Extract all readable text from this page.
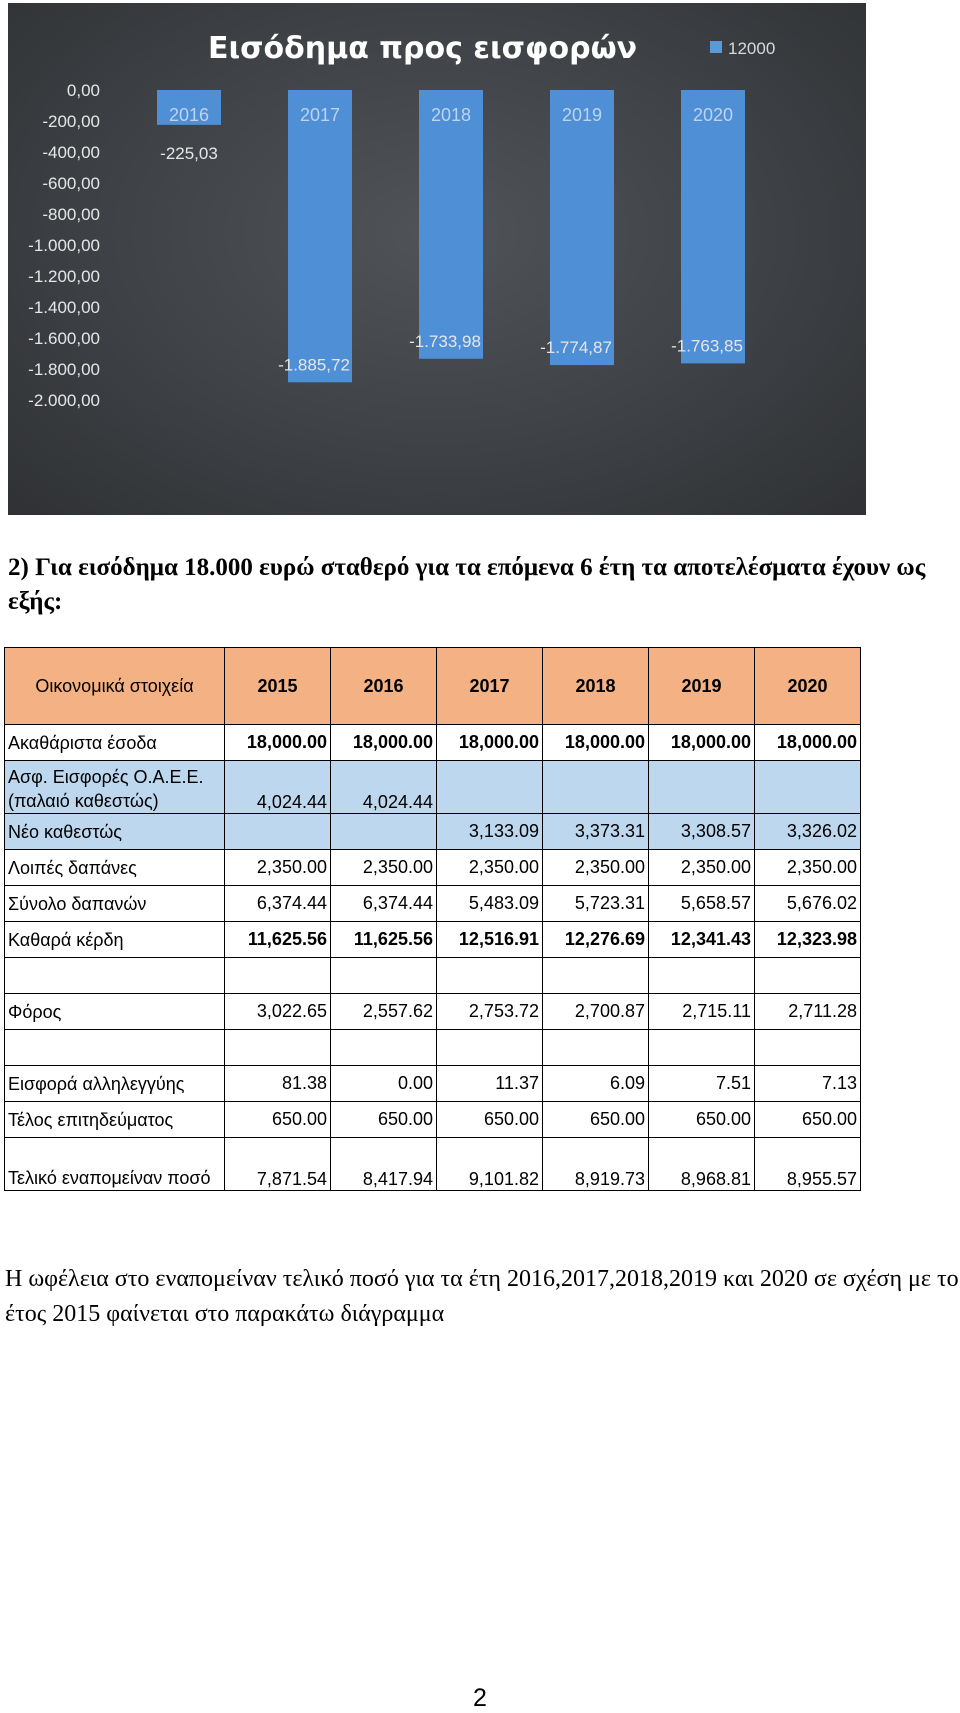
Εισόδημα προς εισφορών	12000
0,00
-200,00
-400,00
-600,00
-800,00
-1.000,00
-1.200,00
-1.400,00
-1.600,00
-1.800,00
-2.000,00
2016
-225,03
2017
-1.885,72
2018
-1.733,98
2019
-1.774,87
2020
-1.763,85
2) Για εισόδημα 18.000 ευρώ σταθερό για τα επόμενα 6 έτη τα αποτελέσματα έχουν ως εξής:
Οικονομικά στοιχεία	2015	2016	2017	2018	2019	2020
Ακαθάριστα έσοδα	18,000.00	18,000.00	18,000.00	18,000.00	18,000.00	18,000.00
Ασφ. Εισφορές Ο.Α.Ε.Ε. (παλαιό καθεστώς)	4,024.44	4,024.44				
Νέο καθεστώς			3,133.09	3,373.31	3,308.57	3,326.02
Λοιπές δαπάνες	2,350.00	2,350.00	2,350.00	2,350.00	2,350.00	2,350.00
Σύνολο δαπανών	6,374.44	6,374.44	5,483.09	5,723.31	5,658.57	5,676.02
Καθαρά κέρδη	11,625.56	11,625.56	12,516.91	12,276.69	12,341.43	12,323.98

Φόρος	3,022.65	2,557.62	2,753.72	2,700.87	2,715.11	2,711.28

Εισφορά αλληλεγγύης	81.38	0.00	11.37	6.09	7.51	7.13
Τέλος επιτηδεύματος	650.00	650.00	650.00	650.00	650.00	650.00
Τελικό εναπομείναν ποσό	7,871.54	8,417.94	9,101.82	8,919.73	8,968.81	8,955.57

Η ωφέλεια στο εναπομείναν τελικό ποσό για τα έτη 2016,2017,2018,2019 και 2020 σε σχέση με το έτος 2015 φαίνεται στο παρακάτω διάγραμμα

2
